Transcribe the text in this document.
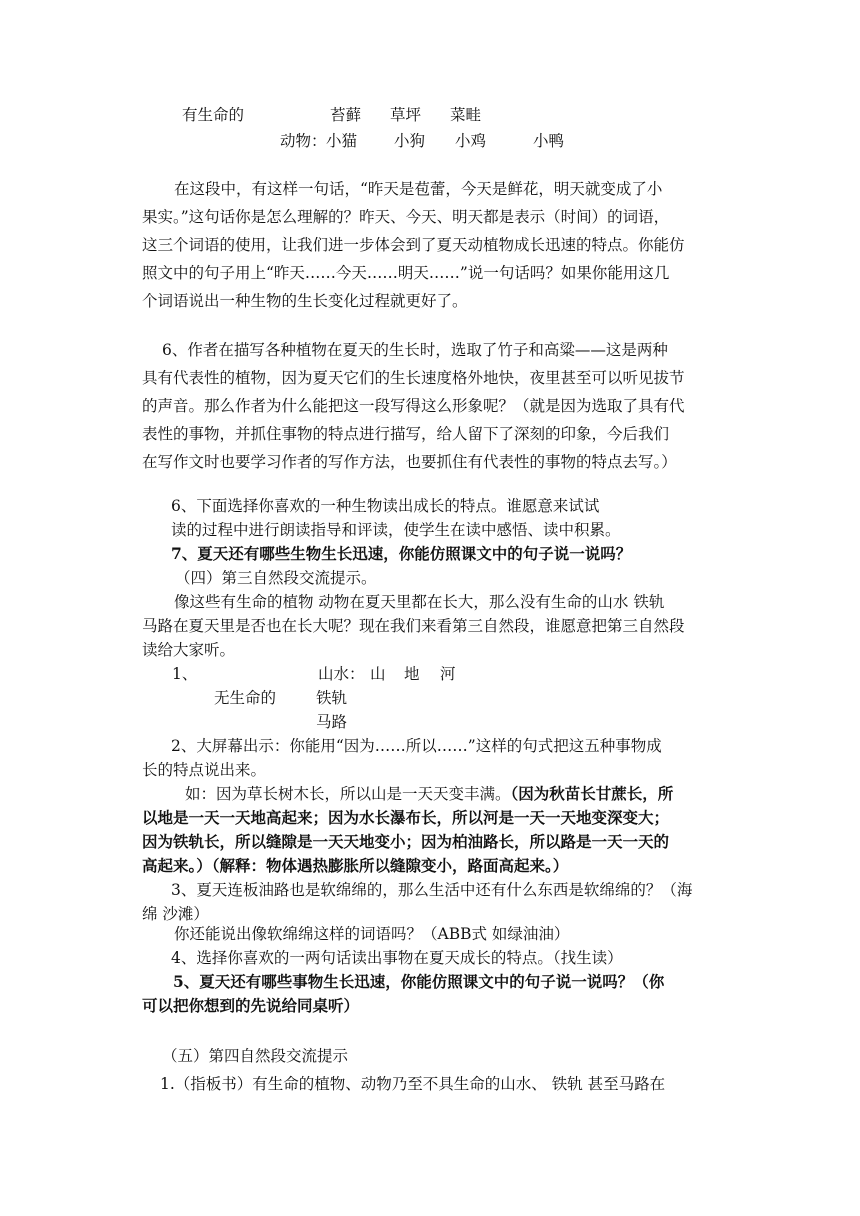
有生命的	苔藓 草坪 菜畦
动物： 小猫 小狗 小鸡	小鸭
在这段中，有这样一句话，“昨天是苞蕾，今天是鲜花，明天就变成了小
果实。”这句话你是怎么理解的？昨天、今天、明天都是表示（时间）的词语，
这三个词语的使用，让我们进一步体会到了夏天动植物成长迅速的特点。你能仿
照文中的句子用上“昨天……今天……明天……”说一句话吗？如果你能用这几
个词语说出一种生物的生长变化过程就更好了。
6、作者在描写各种植物在夏天的生长时，选取了竹子和高粱——这是两种
具有代表性的植物，因为夏天它们的生长速度格外地快，夜里甚至可以听见拔节
的声音。那么作者为什么能把这一段写得这么形象呢？（就是因为选取了具有代
表性的事物，并抓住事物的特点进行描写，给人留下了深刻的印象，今后我们
在写作文时也要学习作者的写作方法，也要抓住有代表性的事物的特点去写。）
6、下面选择你喜欢的一种生物读出成长的特点。谁愿意来试试
读的过程中进行朗读指导和评读，使学生在读中感悟、读中积累。
7、夏天还有哪些生物生长迅速，你能仿照课文中的句子说一说吗？
（四）第三自然段交流提示。
像这些有生命的植物 动物在夏天里都在长大，那么没有生命的山水 铁轨
马路在夏天里是否也在长大呢？现在我们来看第三自然段，谁愿意把第三自然段
读给大家听。
1、	山水： 山 地 河
无生命的	铁轨
马路
2、大屏幕出示：你能用“因为……所以……”这样的句式把这五种事物成
长的特点说出来。
如：因为草长树木长，所以山是一天天变丰满。（因为秋苗长甘蔗长，所
以地是一天一天地高起来；因为水长瀑布长，所以河是一天一天地变深变大；
因为铁轨长，所以缝隙是一天天地变小；因为柏油路长，所以路是一天一天的
高起来。）（解释：物体遇热膨胀所以缝隙变小，路面高起来。）
3、夏天连板油路也是软绵绵的，那么生活中还有什么东西是软绵绵的？（海
绵 沙滩）
你还能说出像软绵绵这样的词语吗？（ABB式 如绿油油）
4、选择你喜欢的一两句话读出事物在夏天成长的特点。（找生读）
5、夏天还有哪些事物生长迅速，你能仿照课文中的句子说一说吗？（你
可以把你想到的先说给同桌听）
（五）第四自然段交流提示
1.（指板书）有生命的植物、动物乃至不具生命的山水、 铁轨 甚至马路在
